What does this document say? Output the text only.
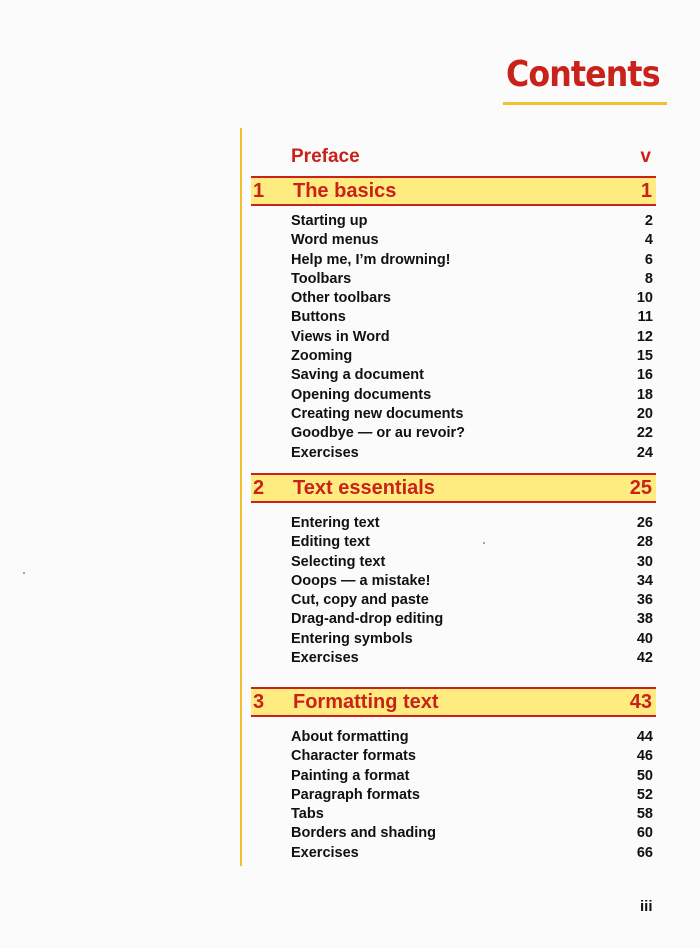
Contents
Preface	v
1	The basics	1
Starting up	2
Word menus	4
Help me, I’m drowning!	6
Toolbars	8
Other toolbars	10
Buttons	11
Views in Word	12
Zooming	15
Saving a document	16
Opening documents	18
Creating new documents	20
Goodbye — or au revoir?	22
Exercises	24
2	Text essentials	25
Entering text	26
Editing text	28
Selecting text	30
Ooops — a mistake!	34
Cut, copy and paste	36
Drag-and-drop editing	38
Entering symbols	40
Exercises	42
3	Formatting text	43
About formatting	44
Character formats	46
Painting a format	50
Paragraph formats	52
Tabs	58
Borders and shading	60
Exercises	66
iii
